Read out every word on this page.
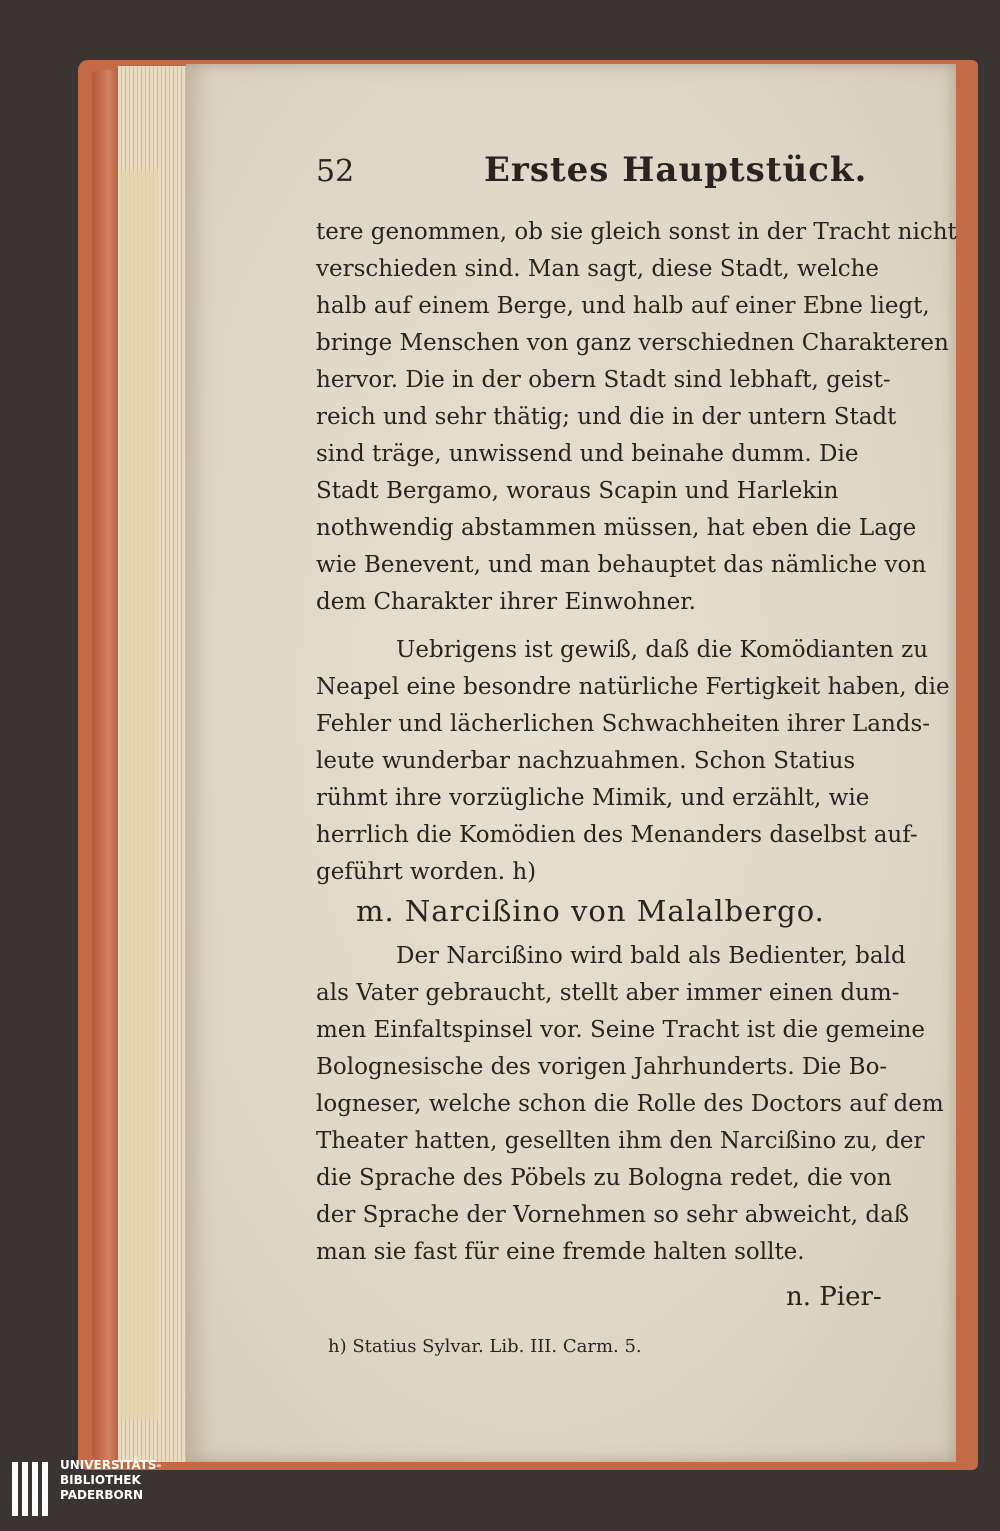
52	Erstes Hauptstück.
tere genommen, ob sie gleich sonst in der Tracht nicht
verschieden sind. Man sagt, diese Stadt, welche
halb auf einem Berge, und halb auf einer Ebne liegt,
bringe Menschen von ganz verschiednen Charakteren
hervor. Die in der obern Stadt sind lebhaft, geist-
reich und sehr thätig; und die in der untern Stadt
sind träge, unwissend und beinahe dumm. Die
Stadt Bergamo, woraus Scapin und Harlekin
nothwendig abstammen müssen, hat eben die Lage
wie Benevent, und man behauptet das nämliche von
dem Charakter ihrer Einwohner.
Uebrigens ist gewiß, daß die Komödianten zu
Neapel eine besondre natürliche Fertigkeit haben, die
Fehler und lächerlichen Schwachheiten ihrer Lands-
leute wunderbar nachzuahmen. Schon Statius
rühmt ihre vorzügliche Mimik, und erzählt, wie
herrlich die Komödien des Menanders daselbst auf-
geführt worden. h)
m. Narcißino von Malalbergo.
Der Narcißino wird bald als Bedienter, bald
als Vater gebraucht, stellt aber immer einen dum-
men Einfaltspinsel vor. Seine Tracht ist die gemeine
Bolognesische des vorigen Jahrhunderts. Die Bo-
logneser, welche schon die Rolle des Doctors auf dem
Theater hatten, gesellten ihm den Narcißino zu, der
die Sprache des Pöbels zu Bologna redet, die von
der Sprache der Vornehmen so sehr abweicht, daß
man sie fast für eine fremde halten sollte.
n. Pier-
h) Statius Sylvar. Lib. III. Carm. 5.
UNIVERSITÄTS-
BIBLIOTHEK
PADERBORN
